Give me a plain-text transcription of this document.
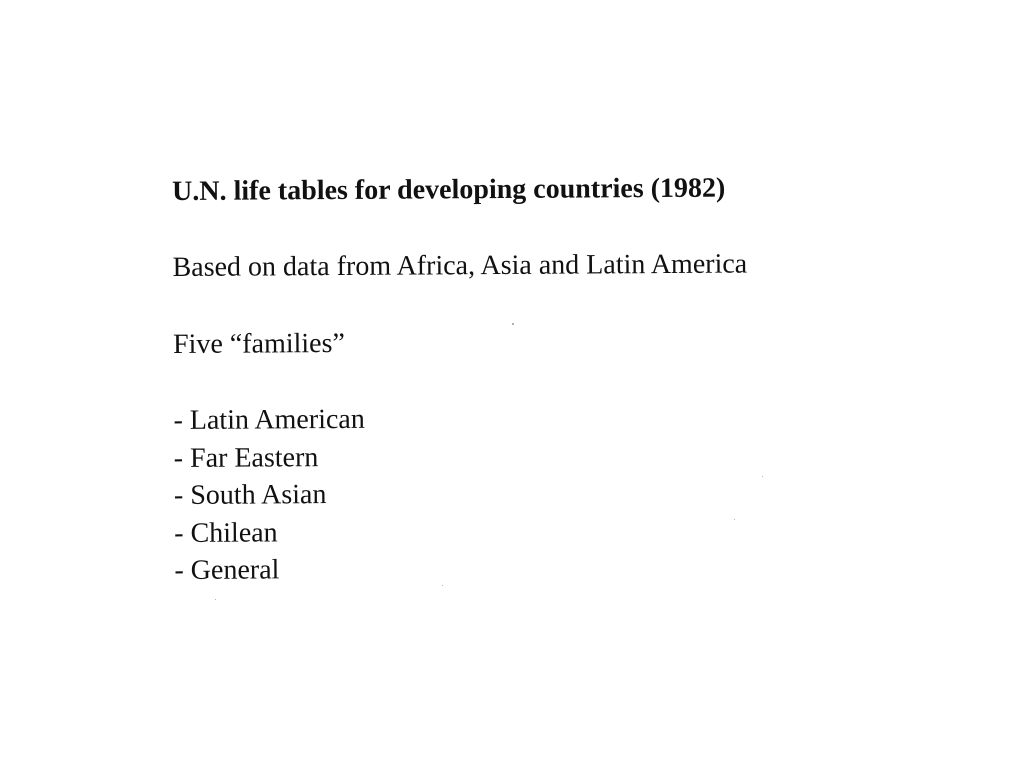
U.N. life tables for developing countries (1982)

Based on data from Africa, Asia and Latin America

Five “families”

- Latin American
- Far Eastern
- South Asian
- Chilean
- General
